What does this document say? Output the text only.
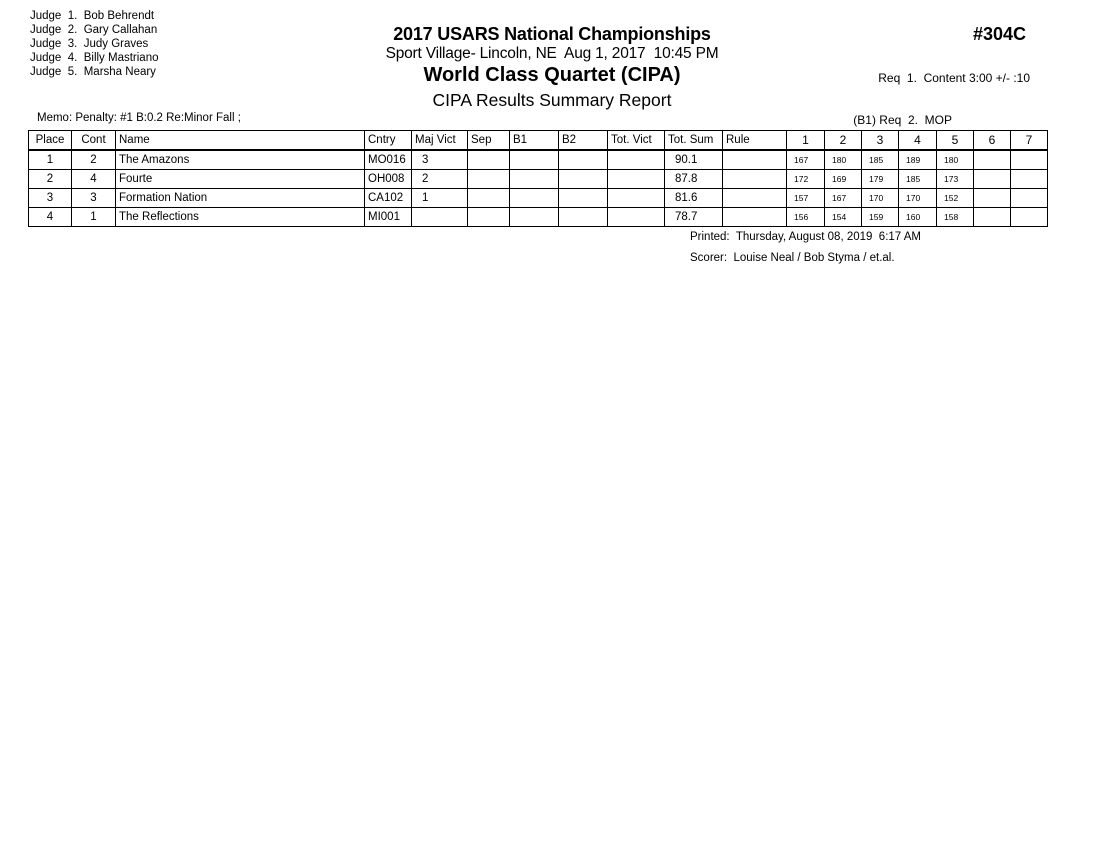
Judge  1. Bob Behrendt
Judge  2. Gary Callahan
Judge  3. Judy Graves
Judge  4. Billy Mastriano
Judge  5. Marsha Neary
2017 USARS National Championships
Sport Village- Lincoln, NE  Aug 1, 2017  10:45 PM
World Class Quartet (CIPA)
CIPA Results Summary Report
#304C

Req  1.  Content 3:00 +/- :10

(B1) Req  2.  MOP

Memo: Penalty: #1 B:0.2 Re:Minor Fall ;
Place	Cont	Name	Cntry	Maj Vict	Sep	B1	B2	Tot. Vict	Tot. Sum	Rule	1	2	3	4	5	6	7
1	2	The Amazons	MO016	3					90.1		167	180	185	189	180		
2	4	Fourte	OH008	2					87.8		172	169	179	185	173		
3	3	Formation Nation	CA102	1					81.6		157	167	170	170	152		
4	1	The Reflections	MI001						78.7		156	154	159	160	158		
Printed:  Thursday, August 08, 2019  6:17 AM
Scorer:  Louise Neal / Bob Styma / et.al.
